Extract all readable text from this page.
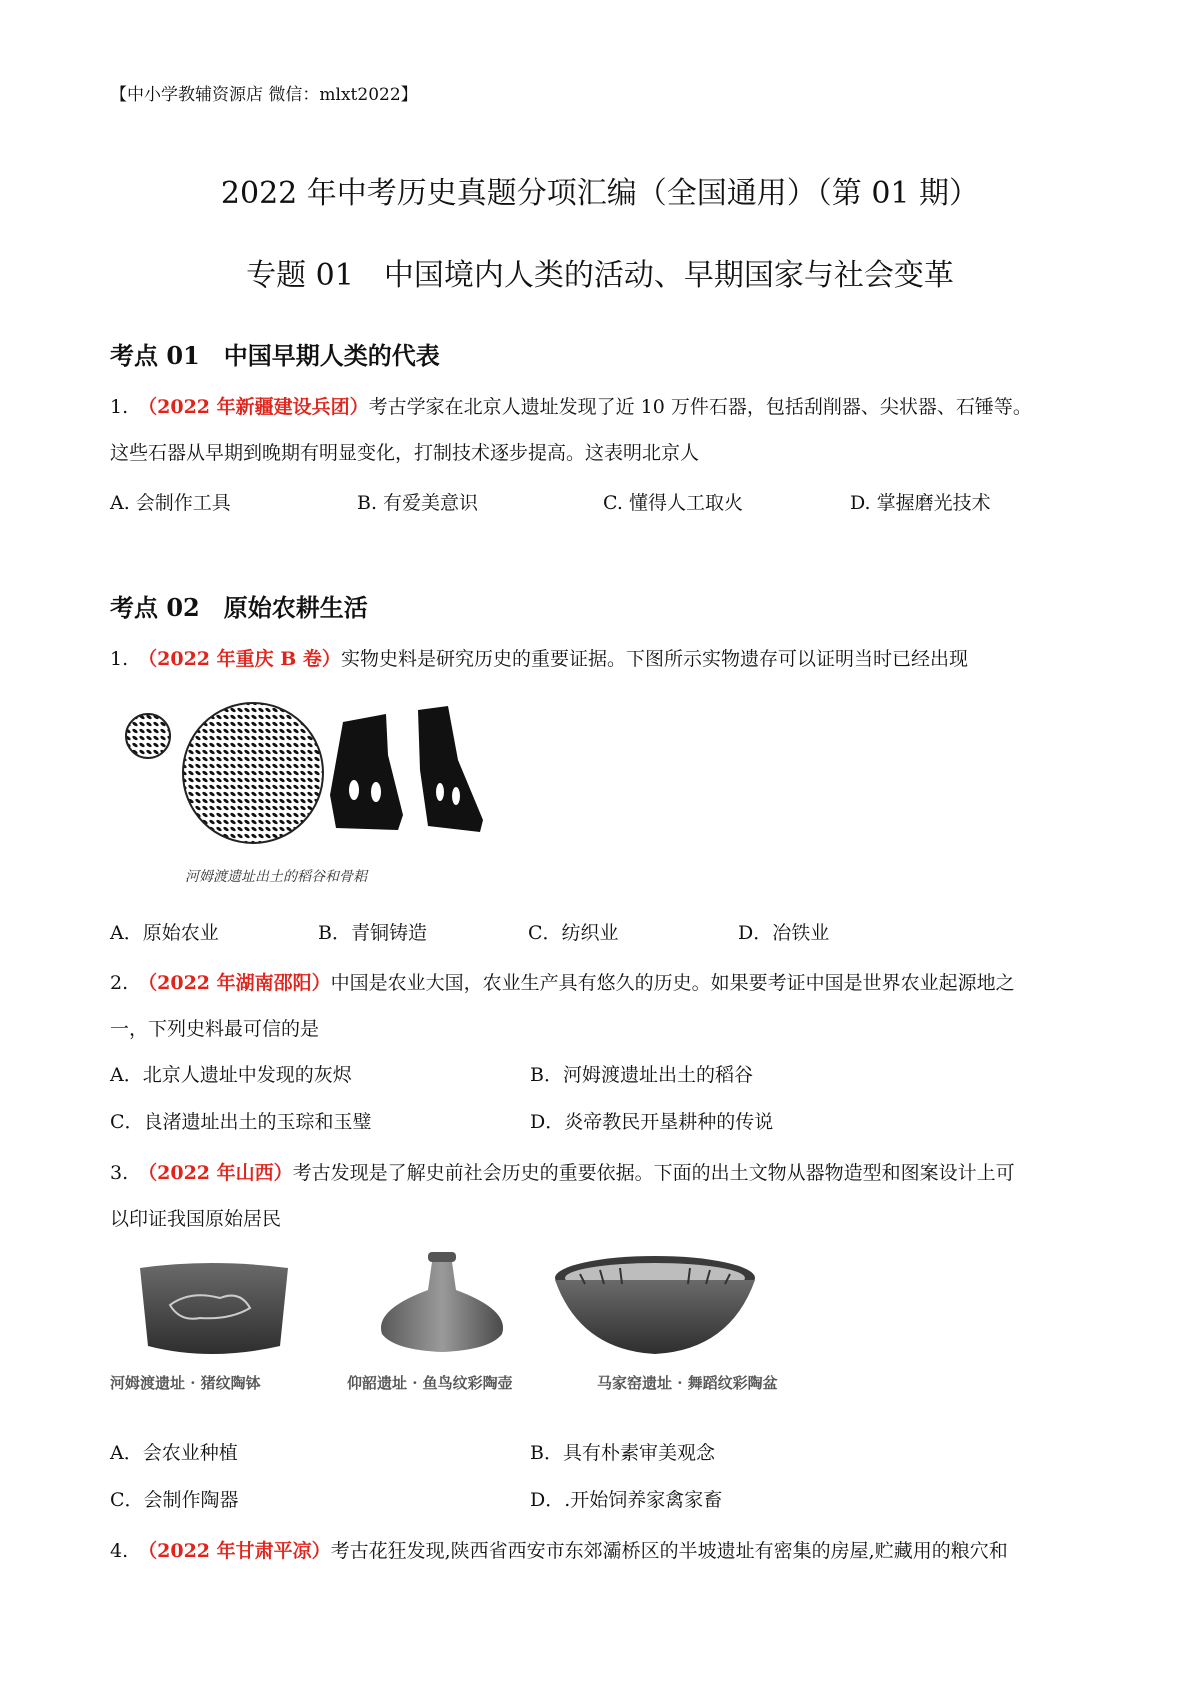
【中小学教辅资源店 微信：mlxt2022】
2022 年中考历史真题分项汇编（全国通用）（第 01 期）
专题 01　中国境内人类的活动、早期国家与社会变革
考点 01　中国早期人类的代表
1. （2022 年新疆建设兵团）考古学家在北京人遗址发现了近 10 万件石器，包括刮削器、尖状器、石锤等。
这些石器从早期到晚期有明显变化，打制技术逐步提高。这表明北京人
A. 会制作工具	B. 有爱美意识	C. 懂得人工取火	D. 掌握磨光技术
考点 02　原始农耕生活
1. （2022 年重庆 B 卷）实物史料是研究历史的重要证据。下图所示实物遗存可以证明当时已经出现
河姆渡遗址出土的稻谷和骨耜
A．原始农业	B．青铜铸造	C．纺织业	D．冶铁业
2. （2022 年湖南邵阳）中国是农业大国，农业生产具有悠久的历史。如果要考证中国是世界农业起源地之
一，下列史料最可信的是
A．北京人遗址中发现的灰烬	B．河姆渡遗址出土的稻谷
C．良渚遗址出土的玉琮和玉璧	D．炎帝教民开垦耕种的传说
3. （2022 年山西）考古发现是了解史前社会历史的重要依据。下面的出土文物从器物造型和图案设计上可
以印证我国原始居民
河姆渡遗址 · 猪纹陶钵	仰韶遗址 · 鱼鸟纹彩陶壶	马家窑遗址 · 舞蹈纹彩陶盆
A．会农业种植	B．具有朴素审美观念
C．会制作陶器	D．.开始饲养家禽家畜
4. （2022 年甘肃平凉）考古花狂发现,陕西省西安市东郊灞桥区的半坡遗址有密集的房屋,贮藏用的粮穴和
